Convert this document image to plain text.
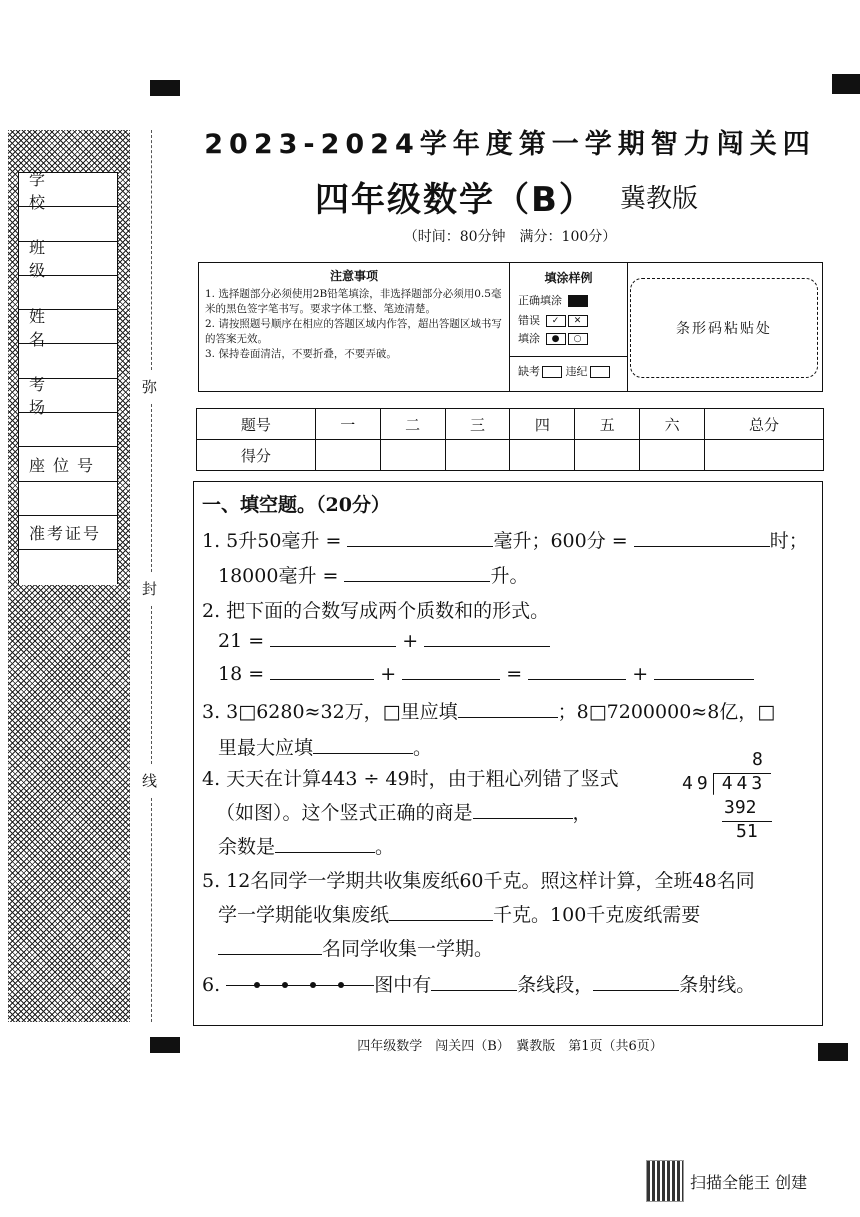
学　校
班　级
姓　名
考　场
座位号
准考证号
弥
封
线
2023-2024学年度第一学期智力闯关四
四年级数学（B） 冀教版
（时间：80分钟　满分：100分）
注意事项
1. 选择题部分必须使用2B铅笔填涂，非选择题部分必须用0.5毫米的黑色签字笔书写。要求字体工整、笔迹清楚。
2. 请按照题号顺序在相应的答题区域内作答，超出答题区域书写的答案无效。
3. 保持卷面清洁，不要折叠，不要弄破。
填涂样例
正确填涂
错误 ✓ ✕
填涂 ● ○
缺考 违纪
条形码粘贴处
题号	一	二	三	四	五	六	总分
得分							
一、填空题。（20分）
1. 5升50毫升 =	毫升；600分 =	时；
18000毫升 =	升。
2. 把下面的合数写成两个质数和的形式。
21 =	+
18 =	+	=	+
3. 3□6280≈32万，□里应填	；8□7200000≈8亿，□
里最大应填	。
4. 天天在计算443 ÷ 49时，由于粗心列错了竖式
（如图）。这个竖式正确的商是	，
余数是	。
8
49 443
392
51
5. 12名同学一学期共收集废纸60千克。照这样计算，全班48名同
学一学期能收集废纸	千克。100千克废纸需要
名同学收集一学期。
6.	图中有	条线段，	条射线。
四年级数学　闯关四（B）　冀教版　第1页（共6页）
扫描全能王 创建
